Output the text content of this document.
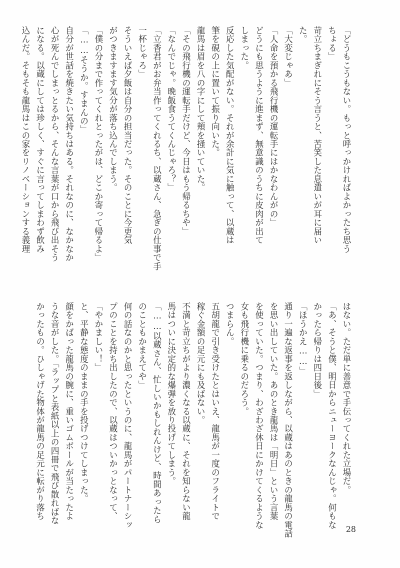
「どうもこうもない。もっと呼っかければよかったち思う

ちょる」

苛立ちまぎれにそう言うと、苦笑した息遣いが耳に届い

た。

「大変じゃあ」

「人命を預かる飛行機の運転手にはかなわんがの」

どうにも思うように進まず、無意識のうちに皮肉が出て

しまった。

反応した気配がない。それが余計に気に触って、以蔵は

筆を硯の上に置いて振り向いた。

龍馬は眉を八の字にして頬を掻いていた。

「その飛行機の運転手だけど、今日はもう帰るちや」

「なんでじゃ。晩飯食うてくんじゃろ？」

「立香君がお弁当作ってくれるち、以蔵さん、急ぎの仕事で手

一杯じゃろ」

そういえば夕飯は自分の担当だった。そのことに今更気

がつきますます気分が落ち込んでしまう。

「僕の分まで作ってくれとったがは、どこか寄って帰るよ」

「……そうか。すまんの」

自分が世話を焼きたい気持ちはある。それなのに、なかなか

心が死んでしまっとるから、そんな言葉が口から飛び出そう

になる。以蔵にしては珍しく、すぐに言ってしまわず飲み

込んだ。そもそも龍馬はこの家をリノベーションする義理

はない。ただ単に善意で手伝ってくれた立場だ。

「あ、そうと僕、明日からニューヨークなんじゃ。何もな

かったら帰りは四日後」

「ほうかえ……」

通り一遍な返事を返しながら、以蔵はあのときの龍馬の電話

を思い出していた。あのとき龍馬は「明日」という言葉

を使っていた。つまり、わざわざ休日にかけてくるような

女も飛行機に乗るのだろう。

つまらん。

五胡龍で引き受けたとはいえ、龍馬が一度のフライトで

稼ぐ金額の足元にも及ばない。

不満と苛立ちがより濃くなる以蔵に、それを知らない龍

馬はついに決定的な爆弾を放り投げてしまう。

「……以蔵さん、忙しいかもしれんけど、時間あったら

のこともかまえてや」

何の話なのかと思ったというのに、龍馬がパートナーシッ

プのことを持ち出したので、以蔵はついかっとなって、

「やかましい！」

と、平静な態度のままの手を投げつけてしまった。

顔をかばった龍馬の腕に、重いゴムボールが当たったよ

うな音がした。「ラップと表紙以上の四冊で飛び散ればな

かったもの。ひしゃげた物体が龍馬の足元に転がり落ち

28
